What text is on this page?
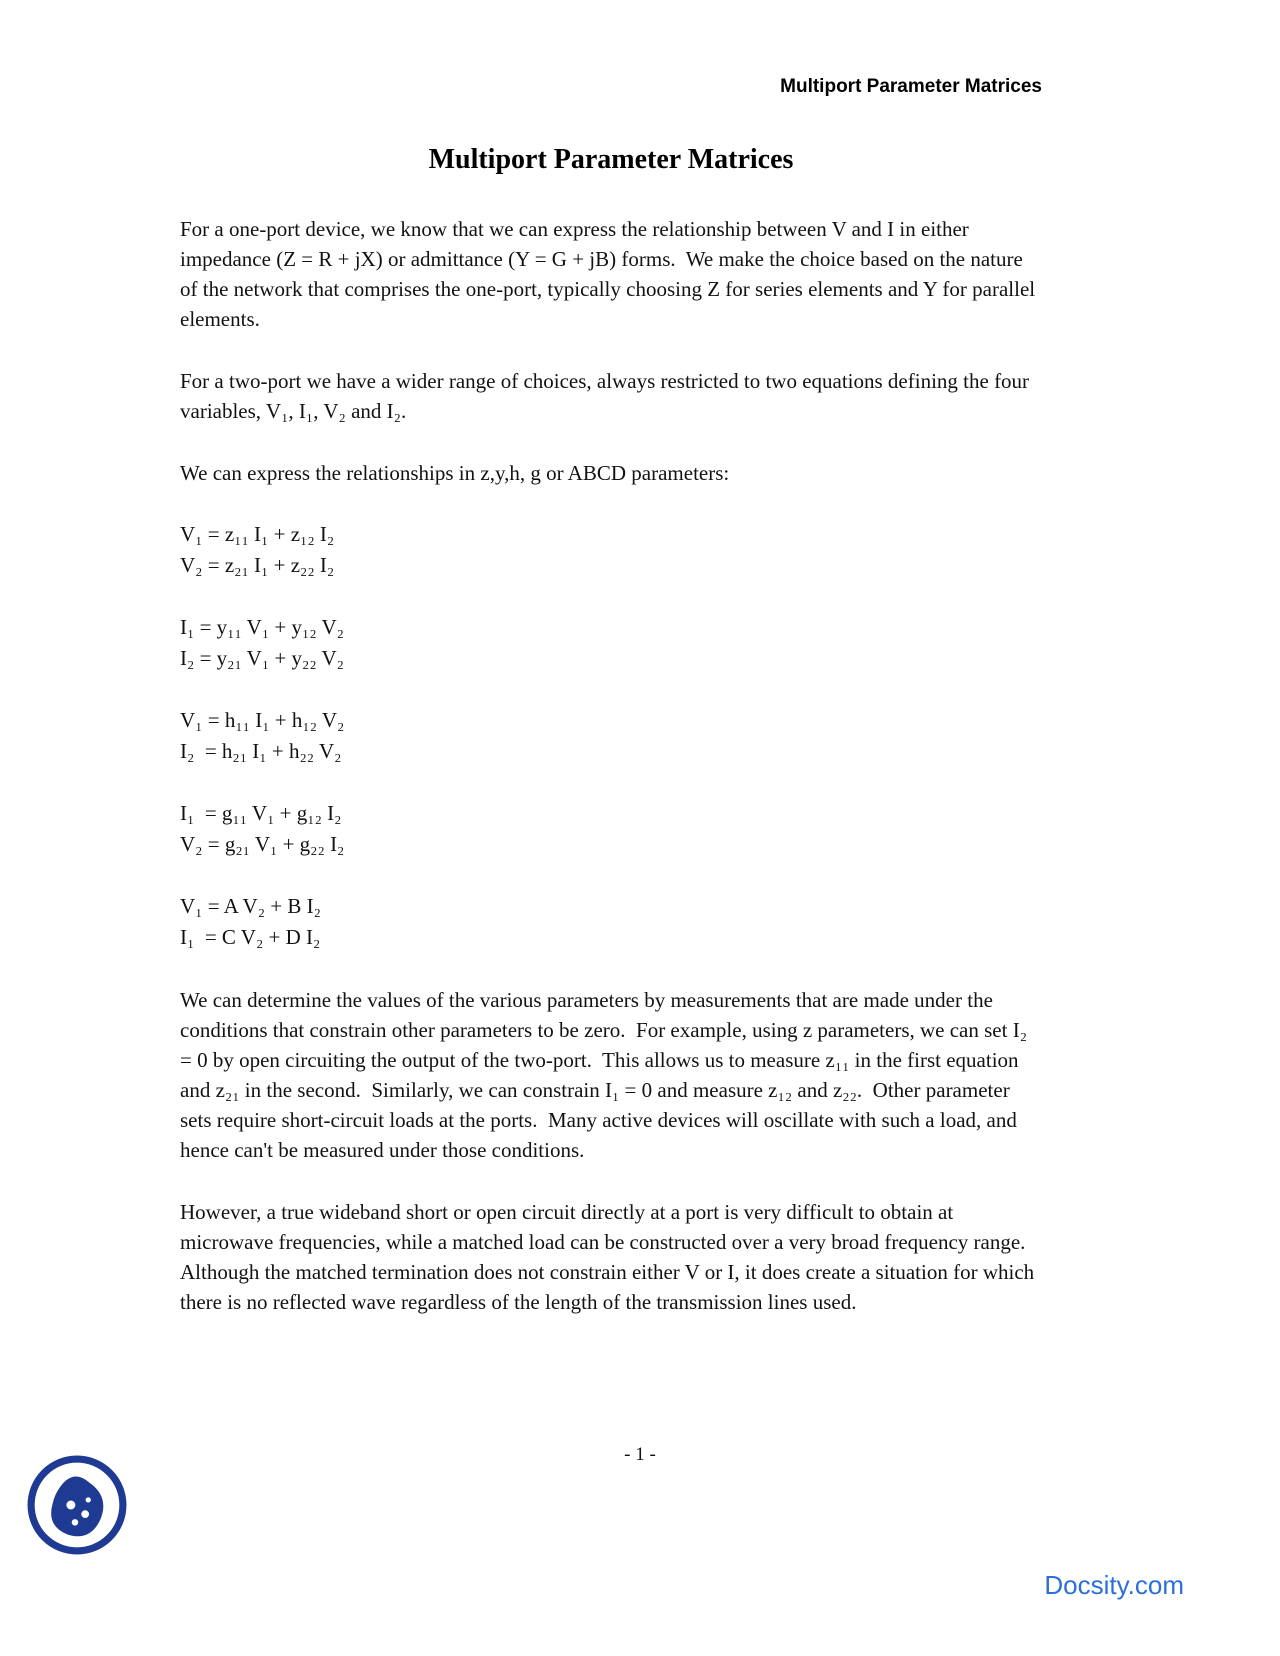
Multiport Parameter Matrices
Multiport Parameter Matrices
For a one-port device, we know that we can express the relationship between V and I in either impedance (Z = R + jX) or admittance (Y = G + jB) forms.  We make the choice based on the nature of the network that comprises the one-port, typically choosing Z for series elements and Y for parallel elements.
For a two-port we have a wider range of choices, always restricted to two equations defining the four variables, V₁, I₁, V₂ and I₂.
We can express the relationships in z,y,h, g or ABCD parameters:
V₁ = z₁₁ I₁ + z₁₂ I₂
V₂ = z₂₁ I₁ + z₂₂ I₂
I₁ = y₁₁ V₁ + y₁₂ V₂
I₂ = y₂₁ V₁ + y₂₂ V₂
V₁ = h₁₁ I₁ + h₁₂ V₂
I₂  = h₂₁ I₁ + h₂₂ V₂
I₁  = g₁₁ V₁ + g₁₂ I₂
V₂ = g₂₁ V₁ + g₂₂ I₂
V₁ = A V₂ + B I₂
I₁  = C V₂ + D I₂
We can determine the values of the various parameters by measurements that are made under the conditions that constrain other parameters to be zero.  For example, using z parameters, we can set I₂ = 0 by open circuiting the output of the two-port.  This allows us to measure z₁₁ in the first equation and z₂₁ in the second.  Similarly, we can constrain I₁ = 0 and measure z₁₂ and z₂₂.  Other parameter sets require short-circuit loads at the ports.  Many active devices will oscillate with such a load, and hence can't be measured under those conditions.
However, a true wideband short or open circuit directly at a port is very difficult to obtain at microwave frequencies, while a matched load can be constructed over a very broad frequency range.  Although the matched termination does not constrain either V or I, it does create a situation for which there is no reflected wave regardless of the length of the transmission lines used.
- 1 -
Docsity.com
